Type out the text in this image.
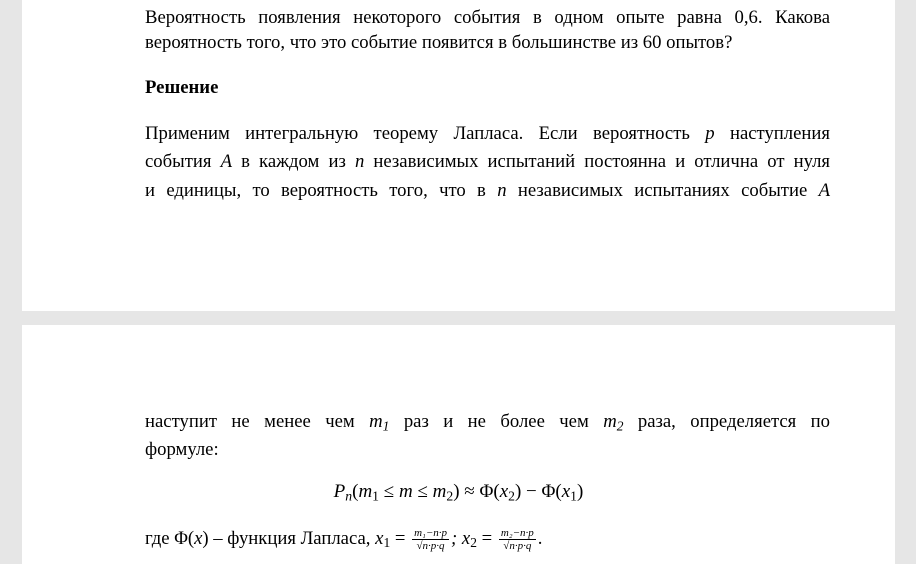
Вероятность появления некоторого события в одном опыте равна 0,6. Какова
вероятность того, что это событие появится в большинстве из 60 опытов?
Решение
Применим интегральную теорему Лапласа. Если вероятность p наступления
события A в каждом из n независимых испытаний постоянна и отлична от нуля
и единицы, то вероятность того, что в n независимых испытаниях событие A
наступит не менее чем $m_1$ раз и не более чем $m_2$ раза, определяется по
формуле:
$P_n(m_1 \le m \le m_2) \approx \Phi(x_2) - \Phi(x_1)$
где Φ(x) – функция Лапласа, $x_1 = \frac{\text{m₁−n·p}}{√n\cdot p\cdot q}$ ; $x_2 = \frac{\text{m₂−n·p}}{√n\cdot p\cdot q}$ .
